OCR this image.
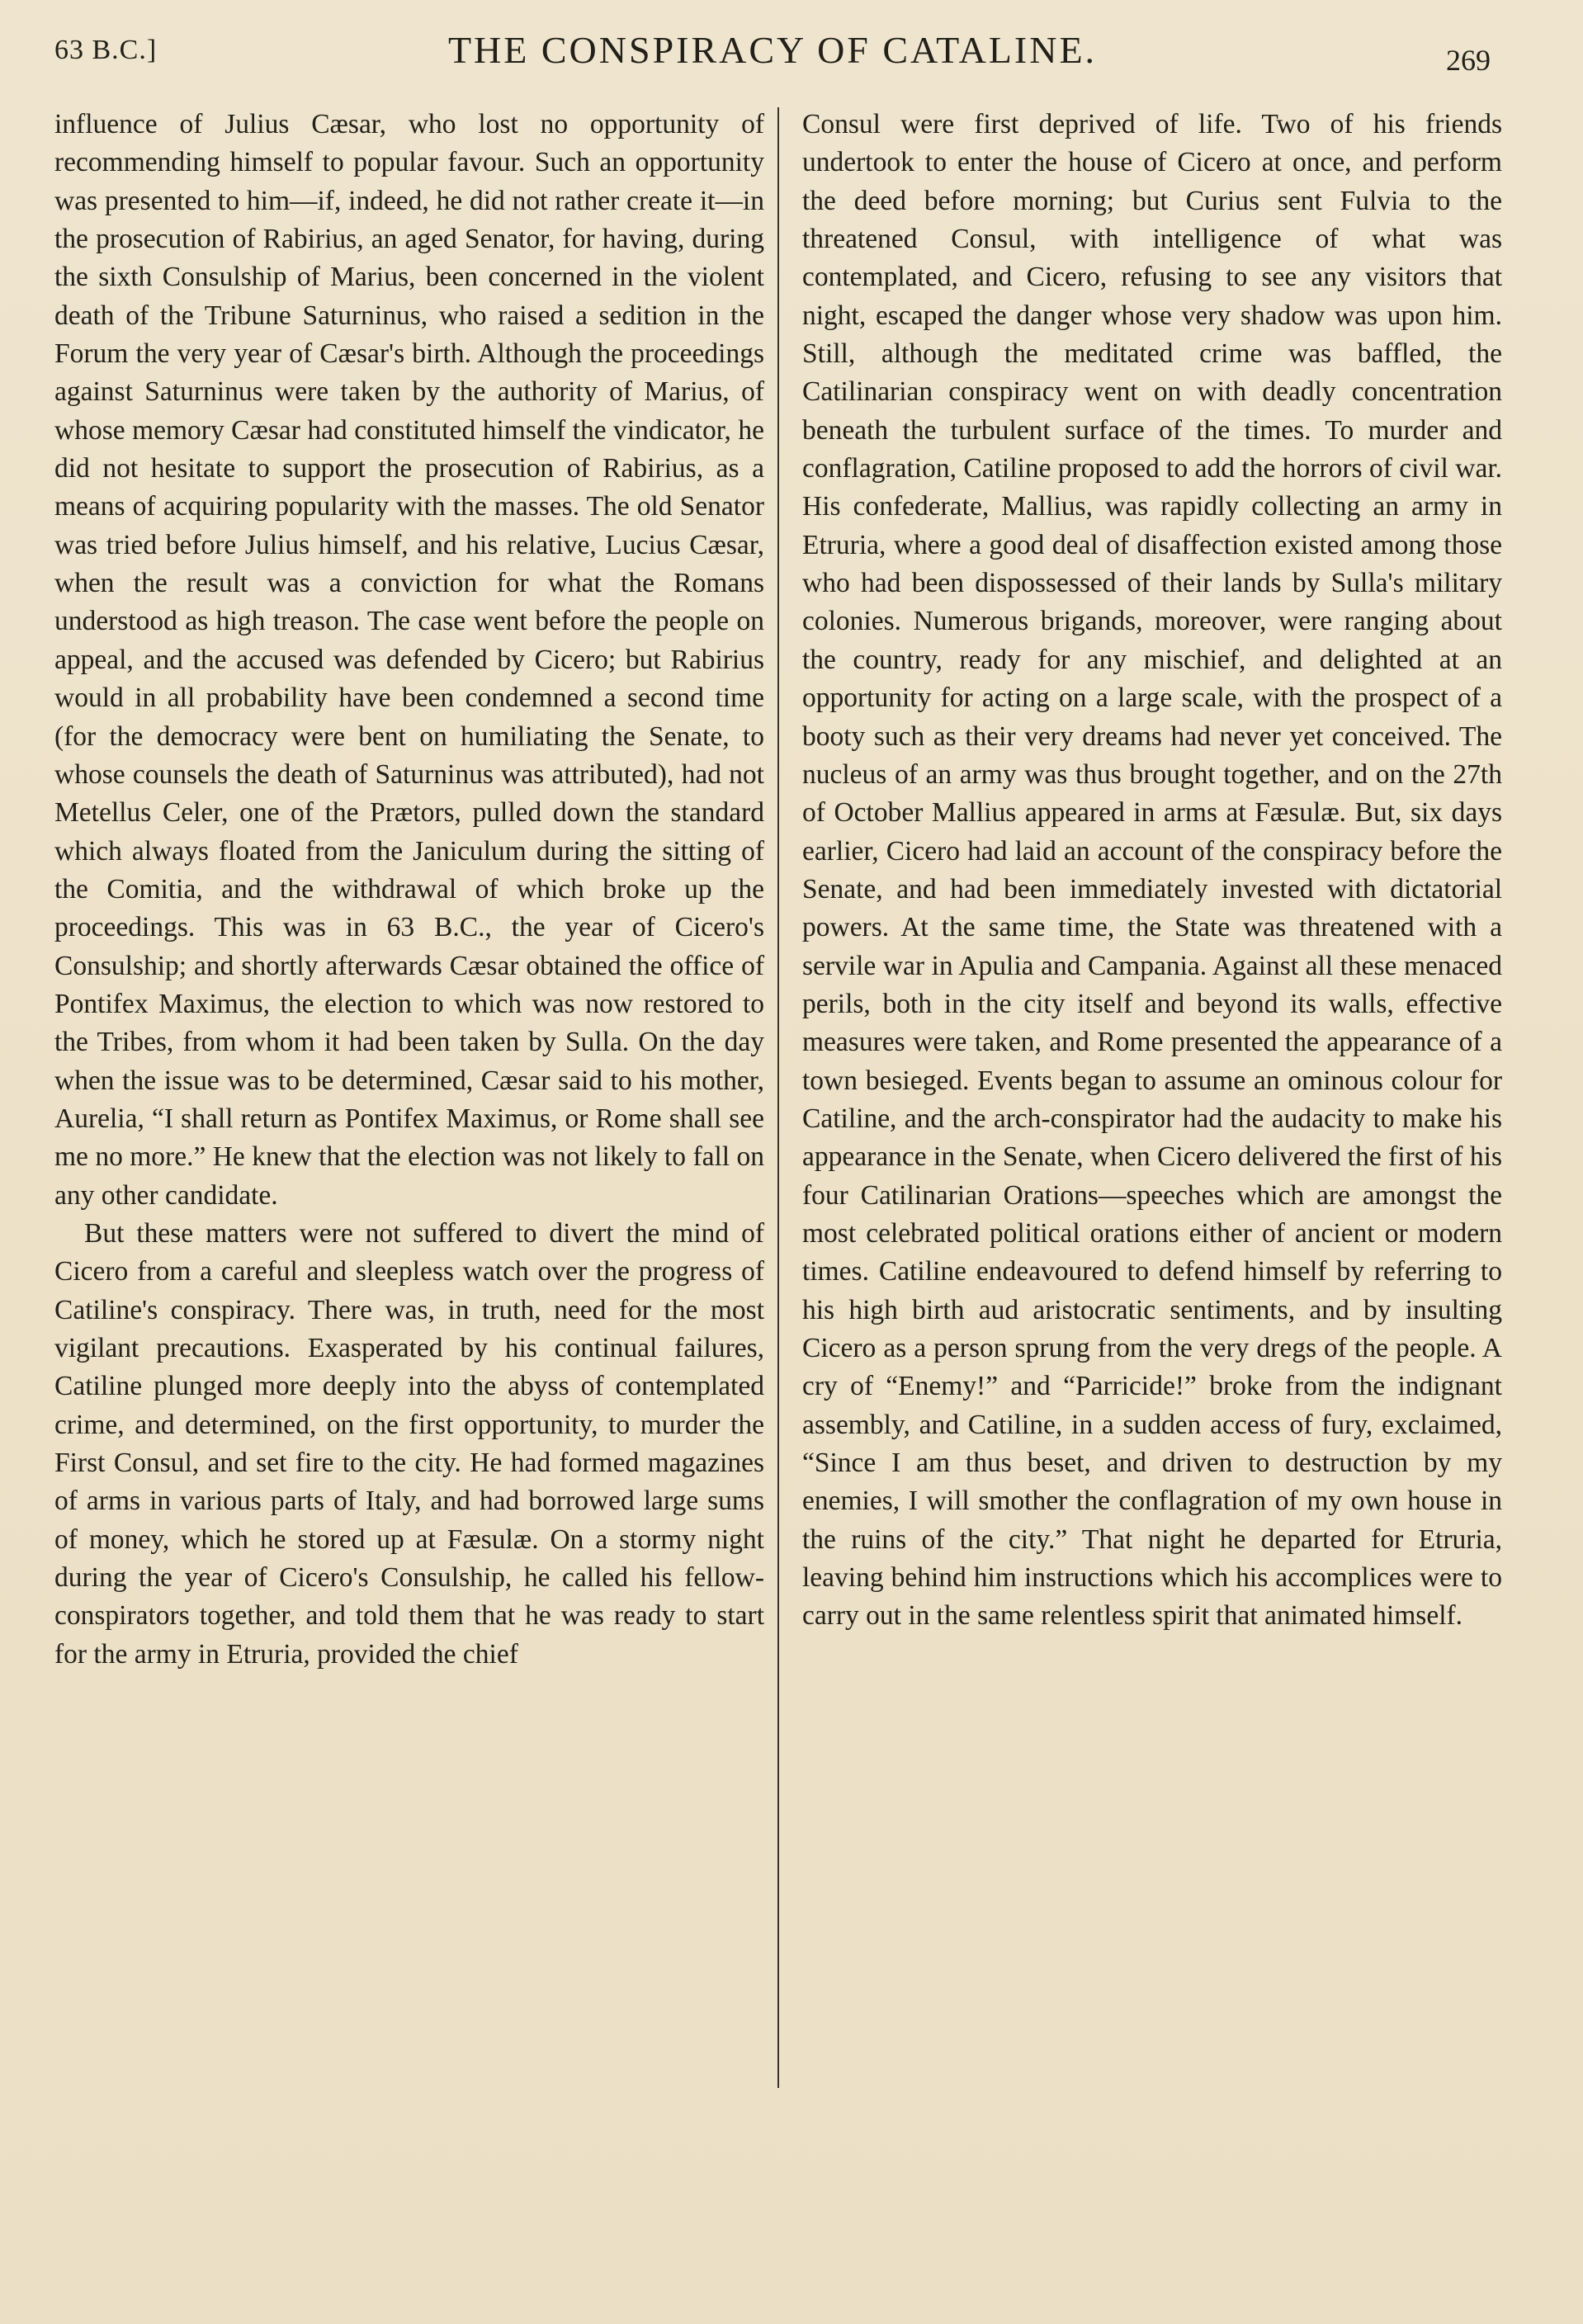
63 B.C.]	THE CONSPIRACY OF CATALINE.	269

influence of Julius Cæsar, who lost no opportunity of recommending himself to popular favour. Such an opportunity was presented to him—if, indeed, he did not rather create it—in the prosecution of Rabirius, an aged Senator, for having, during the sixth Consulship of Marius, been concerned in the violent death of the Tribune Saturninus, who raised a sedition in the Forum the very year of Cæsar's birth. Although the proceedings against Saturninus were taken by the authority of Marius, of whose memory Cæsar had constituted himself the vindicator, he did not hesitate to support the prosecution of Rabirius, as a means of acquiring popularity with the masses. The old Senator was tried before Julius himself, and his relative, Lucius Cæsar, when the result was a conviction for what the Romans understood as high treason. The case went before the people on appeal, and the accused was defended by Cicero; but Rabirius would in all probability have been condemned a second time (for the democracy were bent on humiliating the Senate, to whose counsels the death of Saturninus was attributed), had not Metellus Celer, one of the Prætors, pulled down the standard which always floated from the Janiculum during the sitting of the Comitia, and the withdrawal of which broke up the proceedings. This was in 63 B.C., the year of Cicero's Consulship; and shortly afterwards Cæsar obtained the office of Pontifex Maximus, the election to which was now restored to the Tribes, from whom it had been taken by Sulla. On the day when the issue was to be determined, Cæsar said to his mother, Aurelia, “I shall return as Pontifex Maximus, or Rome shall see me no more.” He knew that the election was not likely to fall on any other candidate.

But these matters were not suffered to divert the mind of Cicero from a careful and sleepless watch over the progress of Catiline's conspiracy. There was, in truth, need for the most vigilant precautions. Exasperated by his continual failures, Catiline plunged more deeply into the abyss of contemplated crime, and determined, on the first opportunity, to murder the First Consul, and set fire to the city. He had formed magazines of arms in various parts of Italy, and had borrowed large sums of money, which he stored up at Fæsulæ. On a stormy night during the year of Cicero's Consulship, he called his fellow-conspirators together, and told them that he was ready to start for the army in Etruria, provided the chief

Consul were first deprived of life. Two of his friends undertook to enter the house of Cicero at once, and perform the deed before morning; but Curius sent Fulvia to the threatened Consul, with intelligence of what was contemplated, and Cicero, refusing to see any visitors that night, escaped the danger whose very shadow was upon him. Still, although the meditated crime was baffled, the Catilinarian conspiracy went on with deadly concentration beneath the turbulent surface of the times. To murder and conflagration, Catiline proposed to add the horrors of civil war. His confederate, Mallius, was rapidly collecting an army in Etruria, where a good deal of disaffection existed among those who had been dispossessed of their lands by Sulla's military colonies. Numerous brigands, moreover, were ranging about the country, ready for any mischief, and delighted at an opportunity for acting on a large scale, with the prospect of a booty such as their very dreams had never yet conceived. The nucleus of an army was thus brought together, and on the 27th of October Mallius appeared in arms at Fæsulæ. But, six days earlier, Cicero had laid an account of the conspiracy before the Senate, and had been immediately invested with dictatorial powers. At the same time, the State was threatened with a servile war in Apulia and Campania. Against all these menaced perils, both in the city itself and beyond its walls, effective measures were taken, and Rome presented the appearance of a town besieged. Events began to assume an ominous colour for Catiline, and the arch-conspirator had the audacity to make his appearance in the Senate, when Cicero delivered the first of his four Catilinarian Orations—speeches which are amongst the most celebrated political orations either of ancient or modern times. Catiline endeavoured to defend himself by referring to his high birth aud aristocratic sentiments, and by insulting Cicero as a person sprung from the very dregs of the people. A cry of “Enemy!” and “Parricide!” broke from the indignant assembly, and Catiline, in a sudden access of fury, exclaimed, “Since I am thus beset, and driven to destruction by my enemies, I will smother the conflagration of my own house in the ruins of the city.” That night he departed for Etruria, leaving behind him instructions which his accomplices were to carry out in the same relentless spirit that animated himself.
